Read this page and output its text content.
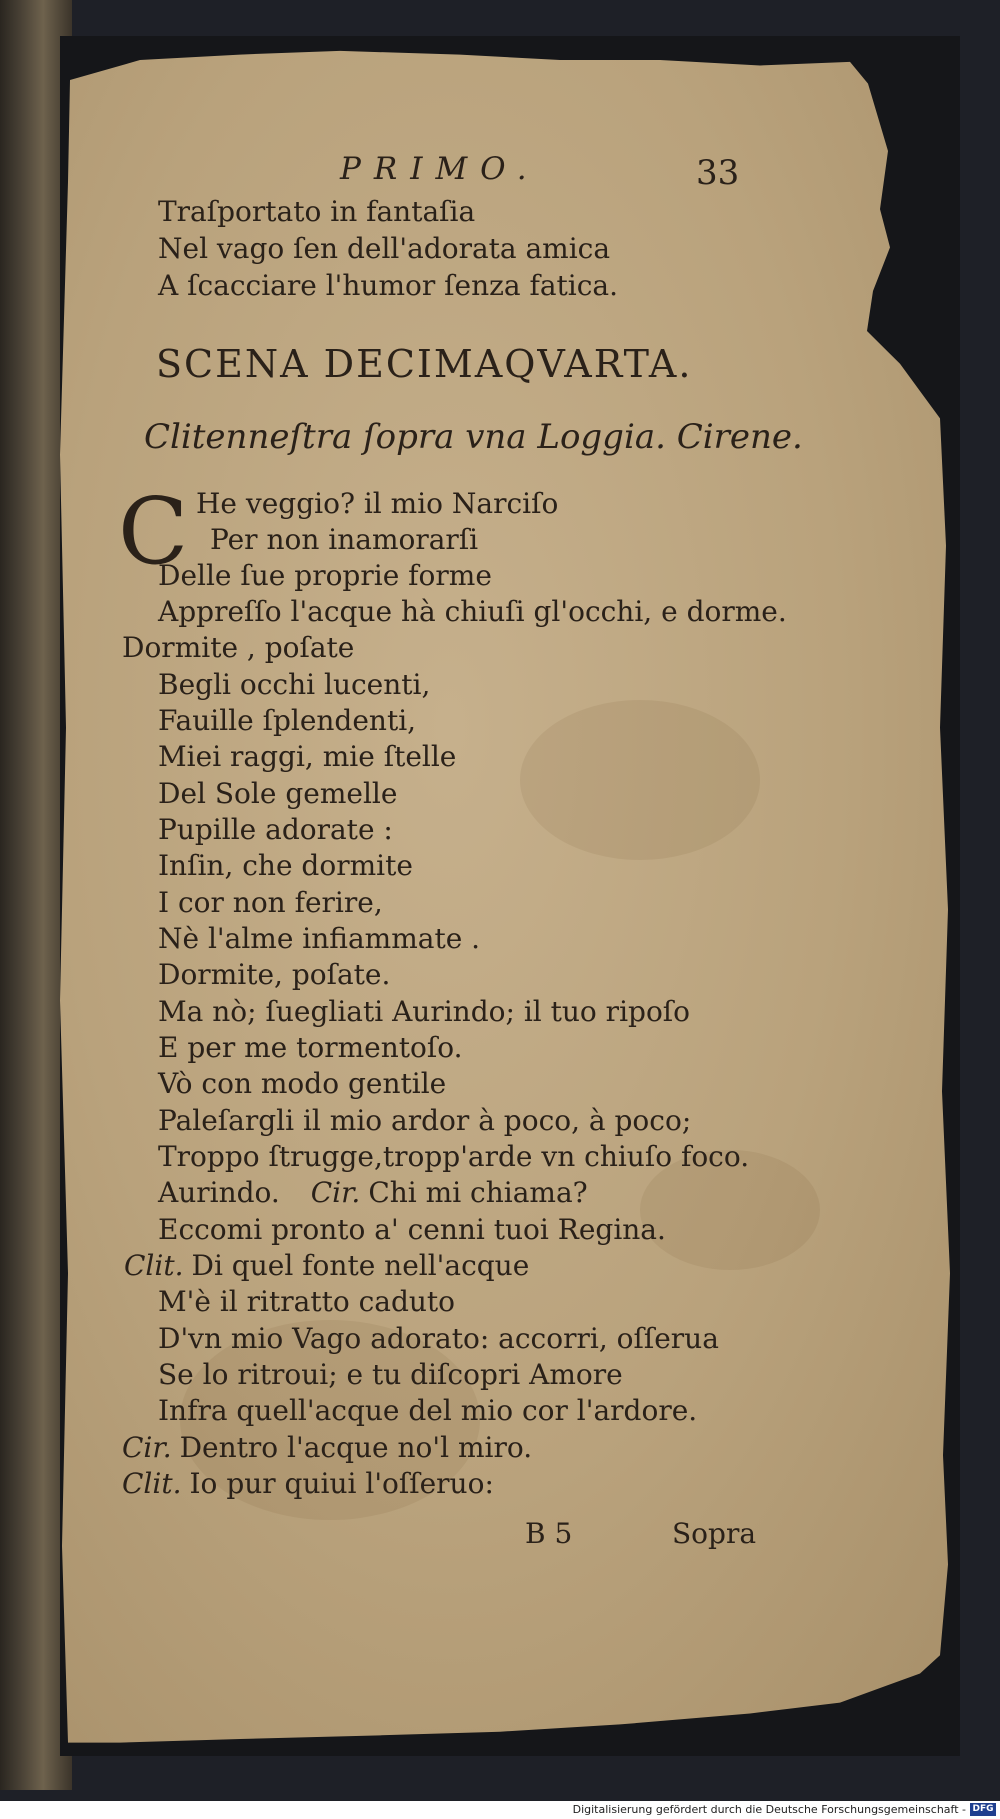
PRIMO.	33
Traſportato in fantaſia
Nel vago ſen dell'adorata amica
A ſcacciare l'humor ſenza fatica.
SCENA DECIMAQVARTA.
Clitenneſtra ſopra vna Loggia. Cirene.
C He veggio? il mio Narciſo
Per non inamorarſi
Delle ſue proprie forme
Appreſſo l'acque hà chiuſi gl'occhi, e dorme.
Dormite , poſate
Begli occhi lucenti,
Fauille ſplendenti,
Miei raggi, mie ſtelle
Del Sole gemelle
Pupille adorate :
Inſin, che dormite
I cor non ferire,
Nè l'alme infiammate .
Dormite, poſate.
Ma nò; ſuegliati Aurindo; il tuo ripoſo
E per me tormentoſo.
Vò con modo gentile
Paleſargli il mio ardor à poco, à poco;
Troppo ſtrugge,tropp'arde vn chiuſo foco.
Aurindo. Cir. Chi mi chiama?
Eccomi pronto a' cenni tuoi Regina.
Clit. Di quel fonte nell'acque
M'è il ritratto caduto
D'vn mio Vago adorato: accorri, oſſerua
Se lo ritroui; e tu diſcopri Amore
Infra quell'acque del mio cor l'ardore.
Cir. Dentro l'acque no'l miro.
Clit. Io pur quiui l'oſſeruo:
B 5	Sopra
Digitalisierung gefördert durch die Deutsche Forschungsgemeinschaft - DFG
